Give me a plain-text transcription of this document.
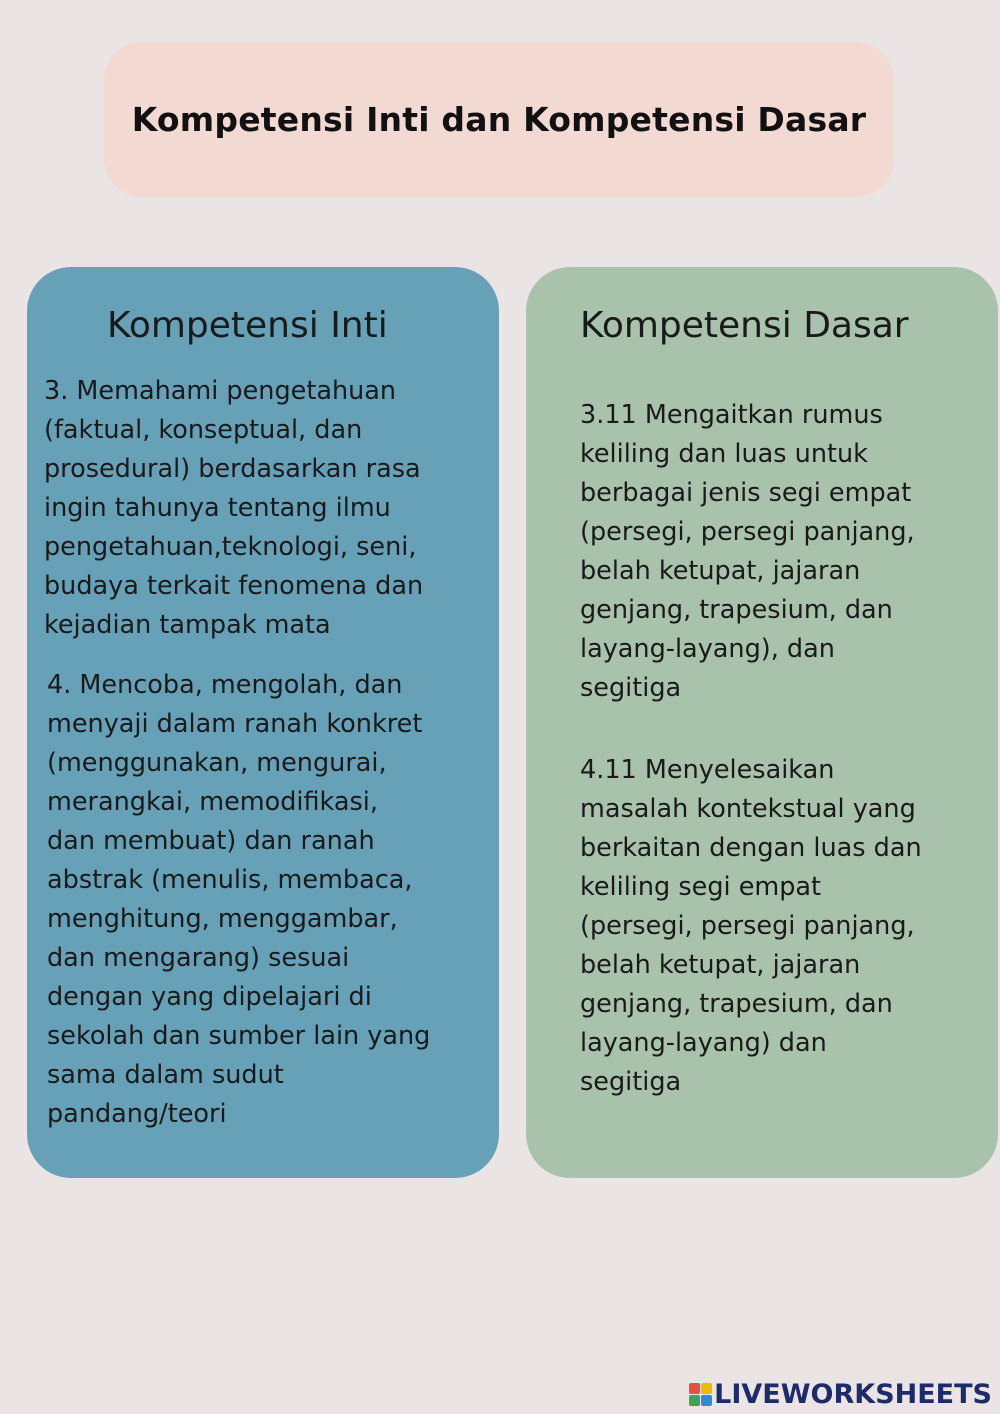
Kompetensi Inti dan Kompetensi Dasar
Kompetensi Inti
3. Memahami pengetahuan
(faktual, konseptual, dan
prosedural) berdasarkan rasa
ingin tahunya tentang ilmu
pengetahuan,teknologi, seni,
budaya terkait fenomena dan
kejadian tampak mata
4. Mencoba, mengolah, dan
menyaji dalam ranah konkret
(menggunakan, mengurai,
merangkai, memodifikasi,
dan membuat) dan ranah
abstrak (menulis, membaca,
menghitung, menggambar,
dan mengarang) sesuai
dengan yang dipelajari di
sekolah dan sumber lain yang
sama dalam sudut
pandang/teori
Kompetensi Dasar
3.11 Mengaitkan rumus
keliling dan luas untuk
berbagai jenis segi empat
(persegi, persegi panjang,
belah ketupat, jajaran
genjang, trapesium, dan
layang-layang), dan
segitiga
4.11 Menyelesaikan
masalah kontekstual yang
berkaitan dengan luas dan
keliling segi empat
(persegi, persegi panjang,
belah ketupat, jajaran
genjang, trapesium, dan
layang-layang) dan
segitiga
LIVEWORKSHEETS
